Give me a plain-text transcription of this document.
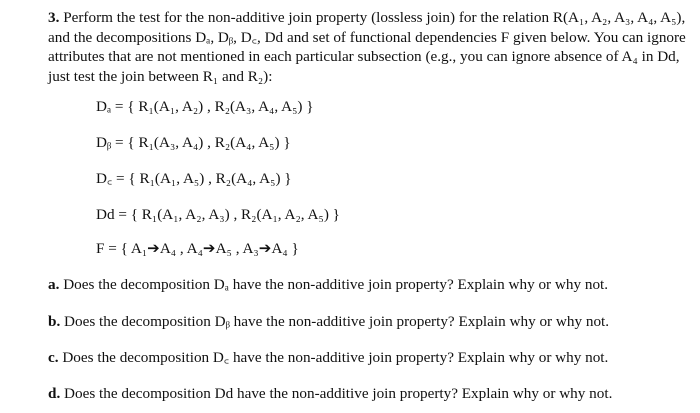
3. Perform the test for the non-additive join property (lossless join) for the relation R(A₁, A₂, A₃, A₄, A₅), and the decompositions Dₐ, Dᵦ, D꜀, Dd and set of functional dependencies F given below. You can ignore attributes that are not mentioned in each particular subsection (e.g., you can ignore absence of A₄ in Dd, just test the join between R₁ and R₂):
Dₐ = { R₁(A₁, A₂) , R₂(A₃, A₄, A₅) }
Dᵦ = { R₁(A₃, A₄) , R₂(A₄, A₅) }
D꜀ = { R₁(A₁, A₅) , R₂(A₄, A₅) }
Dd = { R₁(A₁, A₂, A₃) , R₂(A₁, A₂, A₅) }
F = { A₁➔A₄ , A₄➔A₅ , A₃➔A₄ }
a. Does the decomposition Dₐ have the non-additive join property? Explain why or why not.
b. Does the decomposition Dᵦ have the non-additive join property? Explain why or why not.
c. Does the decomposition D꜀ have the non-additive join property? Explain why or why not.
d. Does the decomposition Dd have the non-additive join property? Explain why or why not.
